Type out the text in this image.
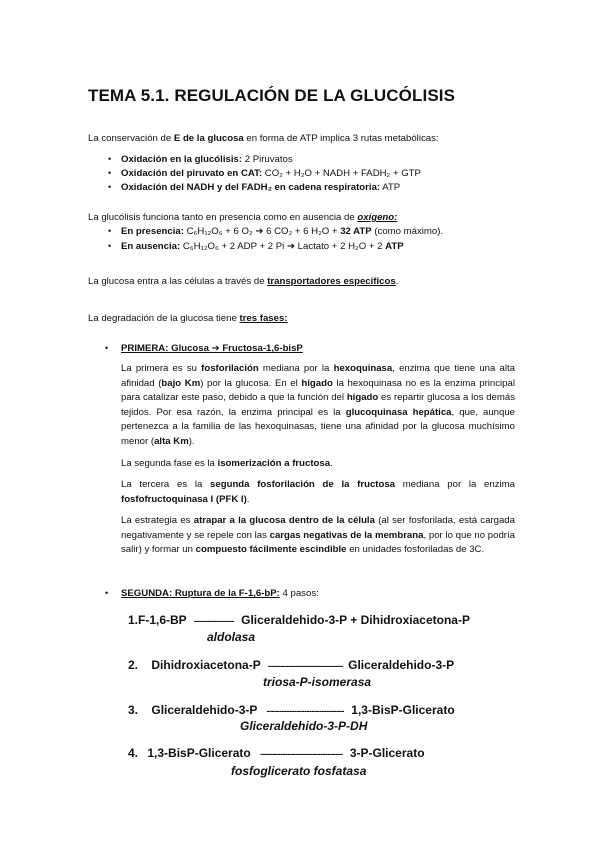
TEMA 5.1. REGULACIÓN DE LA GLUCÓLISIS
La conservación de E de la glucosa en forma de ATP implica 3 rutas metabólicas:
• Oxidación en la glucólisis: 2 Piruvatos
• Oxidación del piruvato en CAT: CO₂ + H₂O + NADH + FADH₂ + GTP
• Oxidación del NADH y del FADH₂ en cadena respiratoria: ATP
La glucólisis funciona tanto en presencia como en ausencia de oxígeno:
• En presencia: C₆H₁₂O₆ + 6 O₂ ➔ 6 CO₂ + 6 H₂O + 32 ATP (como máximo).
• En ausencia: C₆H₁₂O₆ + 2 ADP + 2 Pi ➔ Lactato + 2 H₂O + 2 ATP
La glucosa entra a las células a través de transportadores específicos.
La degradación de la glucosa tiene tres fases:
• PRIMERA: Glucosa ➔ Fructosa-1,6-bisP
La primera es su fosforilación mediana por la hexoquinasa, enzima que tiene una alta afinidad (bajo Km) por la glucosa. En el hígado la hexoquinasa no es la enzima principal para catalizar este paso, debido a que la función del hígado es repartir glucosa a los demás tejidos. Por esa razón, la enzima principal es la glucoquinasa hepática, que, aunque pertenezca a la familia de las hexoquinasas, tiene una afinidad por la glucosa muchísimo menor (alta Km).
La segunda fase es la isomerización a fructosa.
La tercera es la segunda fosforilación de la fructosa mediana por la enzima fosfofructoquinasa I (PFK I).
La estrategia es atrapar a la glucosa dentro de la célula (al ser fosforilada, está cargada negativamente y se repele con las cargas negativas de la membrana, por lo que no podría salir) y formar un compuesto fácilmente escindible en unidades fosforiladas de 3C.
• SEGUNDA: Ruptura de la F-1,6-bP: 4 pasos:
1.F-1,6-BP ---------------- Gliceraldehido-3-P + Dihidroxiacetona-P
aldolasa
2. Dihidroxiacetona-P ------------------------------ Gliceraldehido-3-P
triosa-P-isomerasa
3. Gliceraldehido-3-P ------------------------------- 1,3-BisP-Glicerato
Gliceraldehido-3-P-DH
4. 1,3-BisP-Glicerato --------------------------------- 3-P-Glicerato
fosfoglicerato fosfatasa
